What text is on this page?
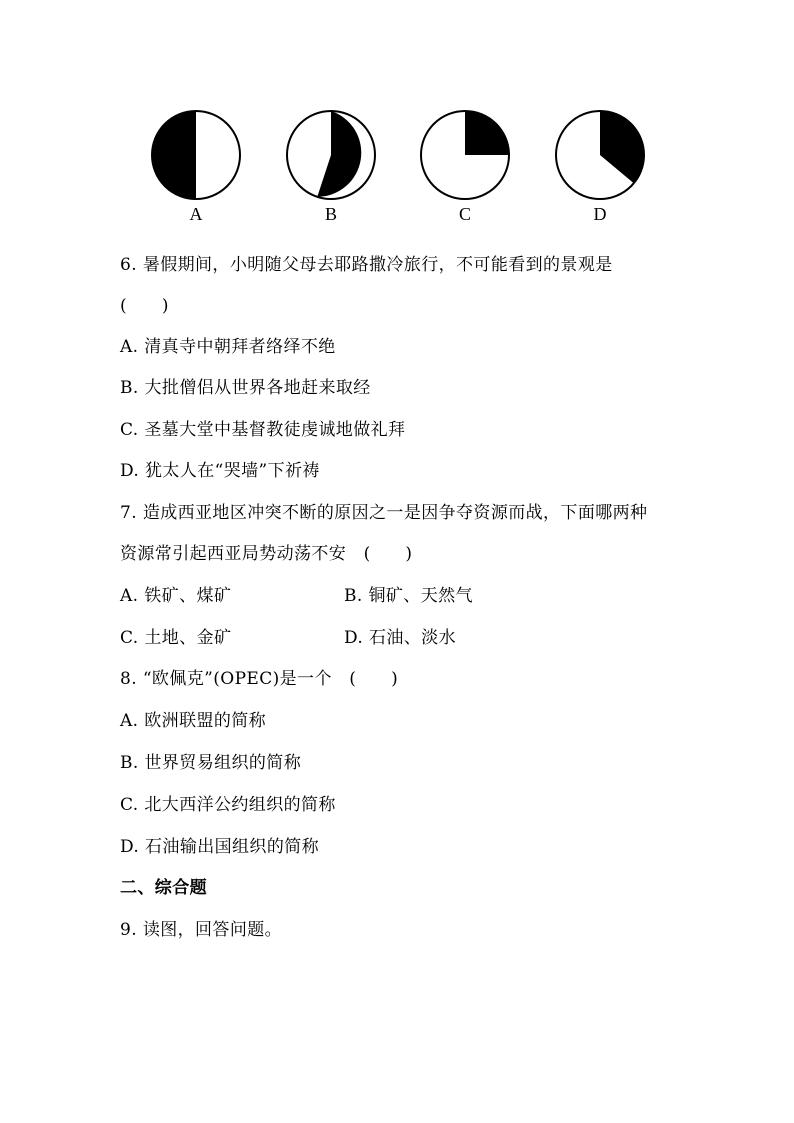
A	B	C	D
6. 暑假期间，小明随父母去耶路撒冷旅行，不可能看到的景观是
(　　)
A. 清真寺中朝拜者络绎不绝
B. 大批僧侣从世界各地赶来取经
C. 圣墓大堂中基督教徒虔诚地做礼拜
D. 犹太人在“哭墙”下祈祷
7. 造成西亚地区冲突不断的原因之一是因争夺资源而战，下面哪两种
资源常引起西亚局势动荡不安　(　　)
A. 铁矿、煤矿	B. 铜矿、天然气
C. 土地、金矿	D. 石油、淡水
8. “欧佩克”(OPEC)是一个　(　　)
A. 欧洲联盟的简称
B. 世界贸易组织的简称
C. 北大西洋公约组织的简称
D. 石油输出国组织的简称
二、综合题
9. 读图，回答问题。
